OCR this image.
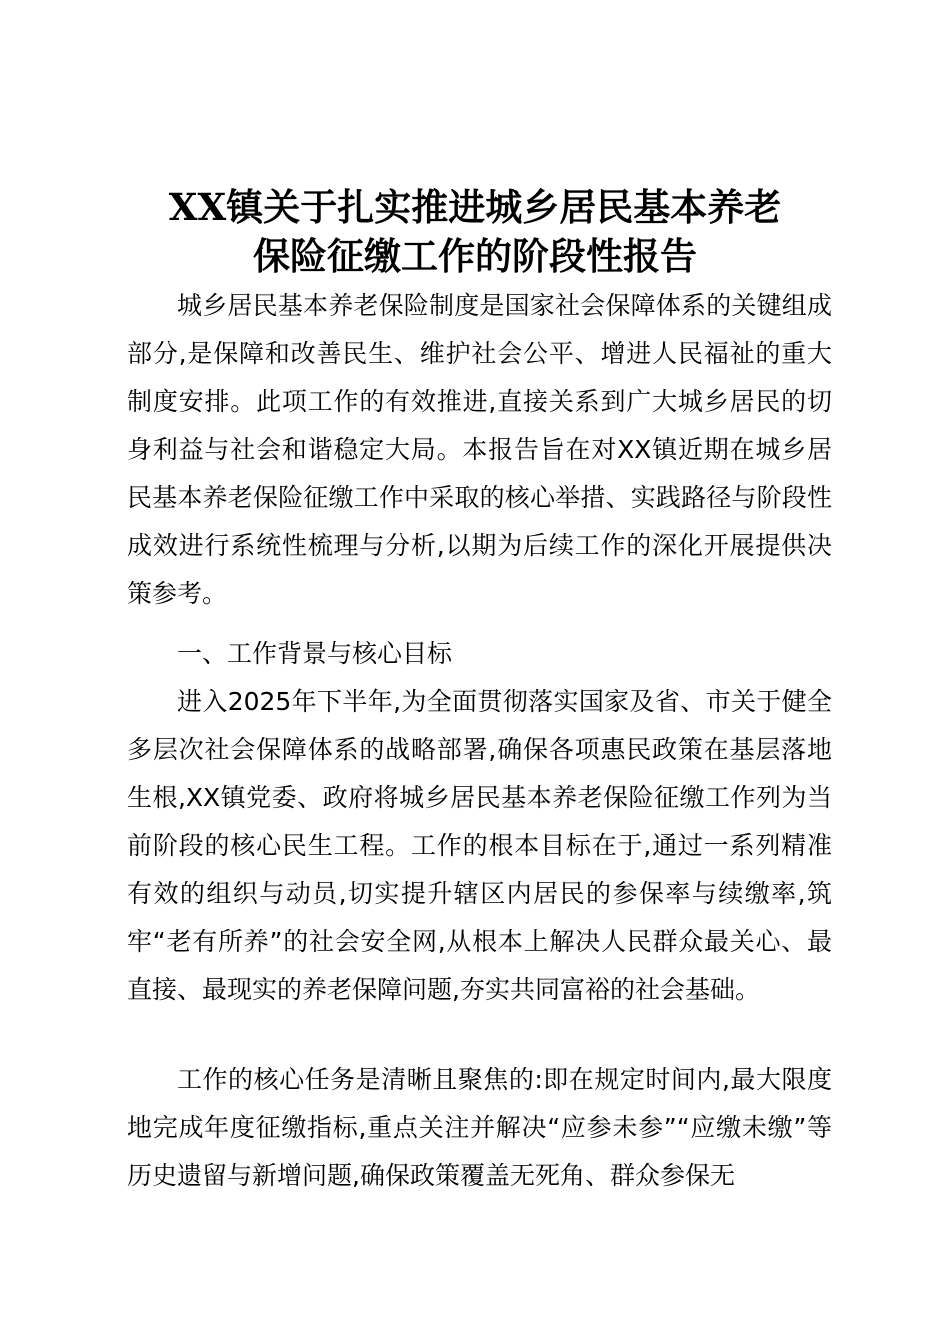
XX镇关于扎实推进城乡居民基本养老
保险征缴工作的阶段性报告

城乡居民基本养老保险制度是国家社会保障体系的关键组成部分,是保障和改善民生、维护社会公平、增进人民福祉的重大制度安排。此项工作的有效推进,直接关系到广大城乡居民的切身利益与社会和谐稳定大局。本报告旨在对XX镇近期在城乡居民基本养老保险征缴工作中采取的核心举措、实践路径与阶段性成效进行系统性梳理与分析,以期为后续工作的深化开展提供决策参考。

一、工作背景与核心目标

进入2025年下半年,为全面贯彻落实国家及省、市关于健全多层次社会保障体系的战略部署,确保各项惠民政策在基层落地生根,XX镇党委、政府将城乡居民基本养老保险征缴工作列为当前阶段的核心民生工程。工作的根本目标在于,通过一系列精准有效的组织与动员,切实提升辖区内居民的参保率与续缴率,筑牢“老有所养”的社会安全网,从根本上解决人民群众最关心、最直接、最现实的养老保障问题,夯实共同富裕的社会基础。

工作的核心任务是清晰且聚焦的:即在规定时间内,最大限度地完成年度征缴指标,重点关注并解决“应参未参”“应缴未缴”等历史遗留与新增问题,确保政策覆盖无死角、群众参保无
